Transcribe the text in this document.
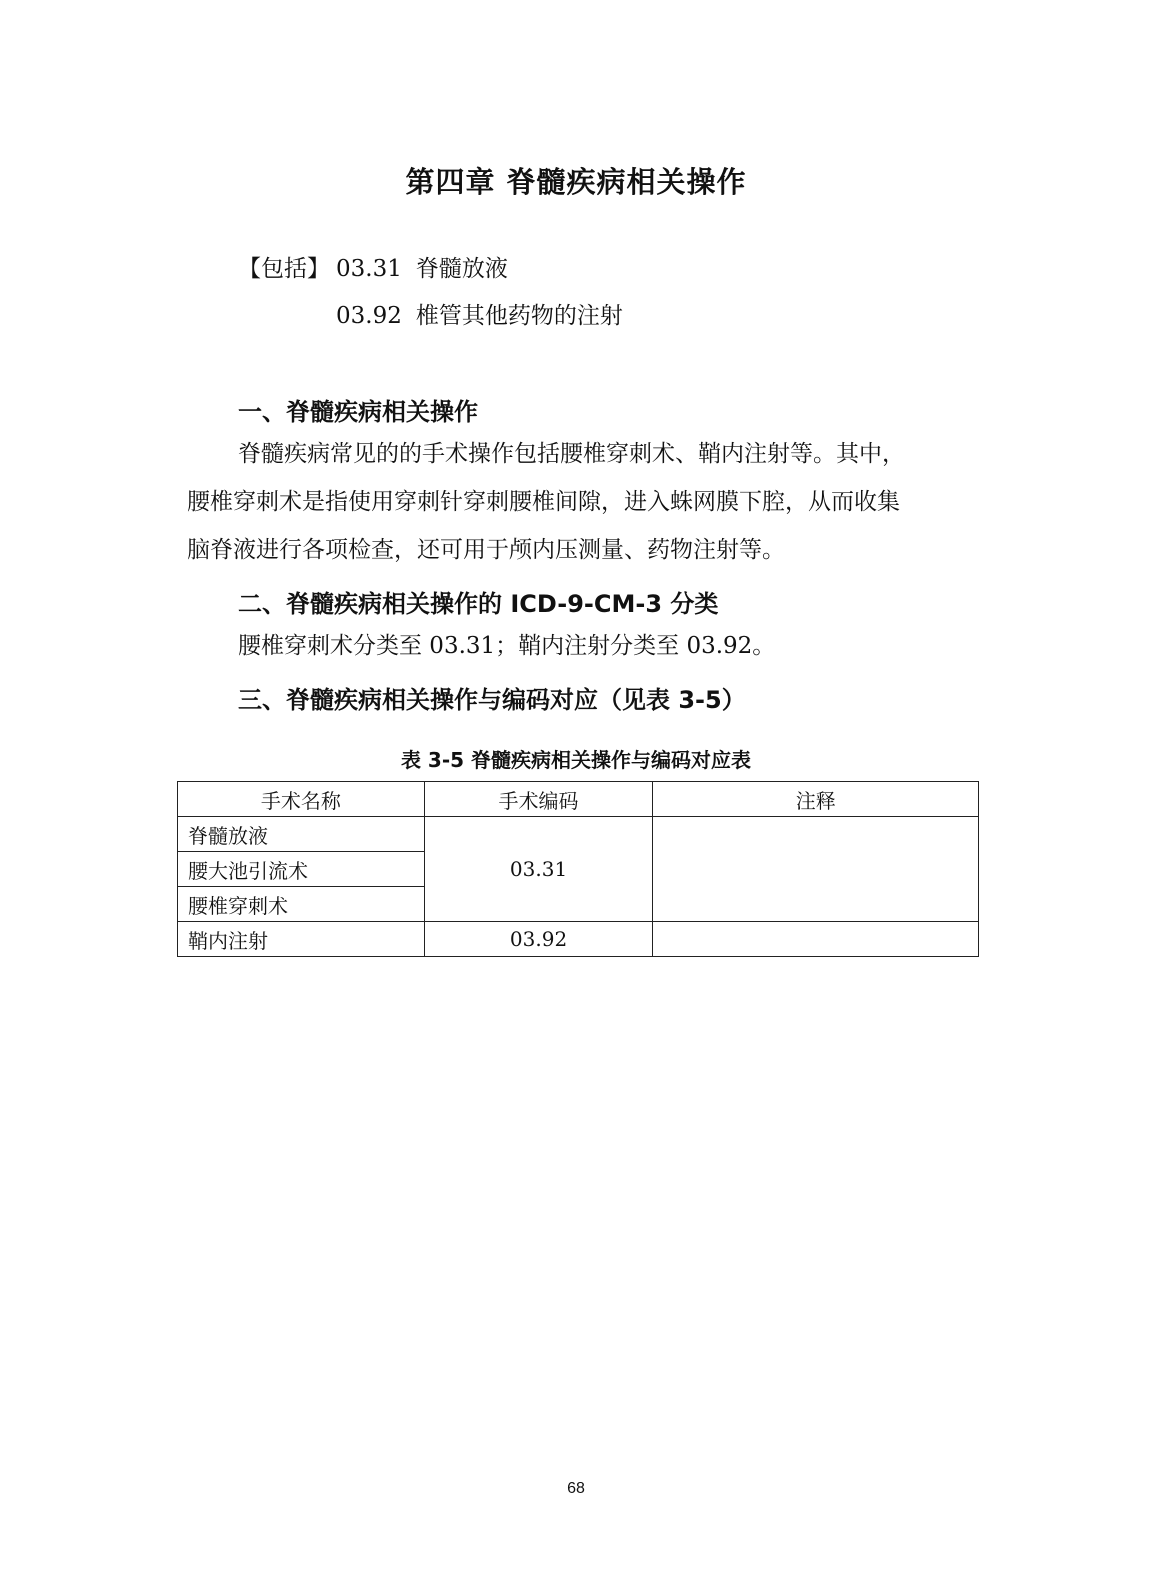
第四章 脊髓疾病相关操作
【包括】 03.31 脊髓放液
03.92 椎管其他药物的注射
一、脊髓疾病相关操作
脊髓疾病常见的的手术操作包括腰椎穿刺术、鞘内注射等。其中，
腰椎穿刺术是指使用穿刺针穿刺腰椎间隙，进入蛛网膜下腔，从而收集
脑脊液进行各项检查，还可用于颅内压测量、药物注射等。
二、脊髓疾病相关操作的 ICD-9-CM-3 分类
腰椎穿刺术分类至 03.31；鞘内注射分类至 03.92。
三、脊髓疾病相关操作与编码对应（见表 3-5）
表 3-5 脊髓疾病相关操作与编码对应表
手术名称	手术编码	注释
脊髓放液	03.31	
腰大池引流术		
腰椎穿刺术		
鞘内注射	03.92	
68
